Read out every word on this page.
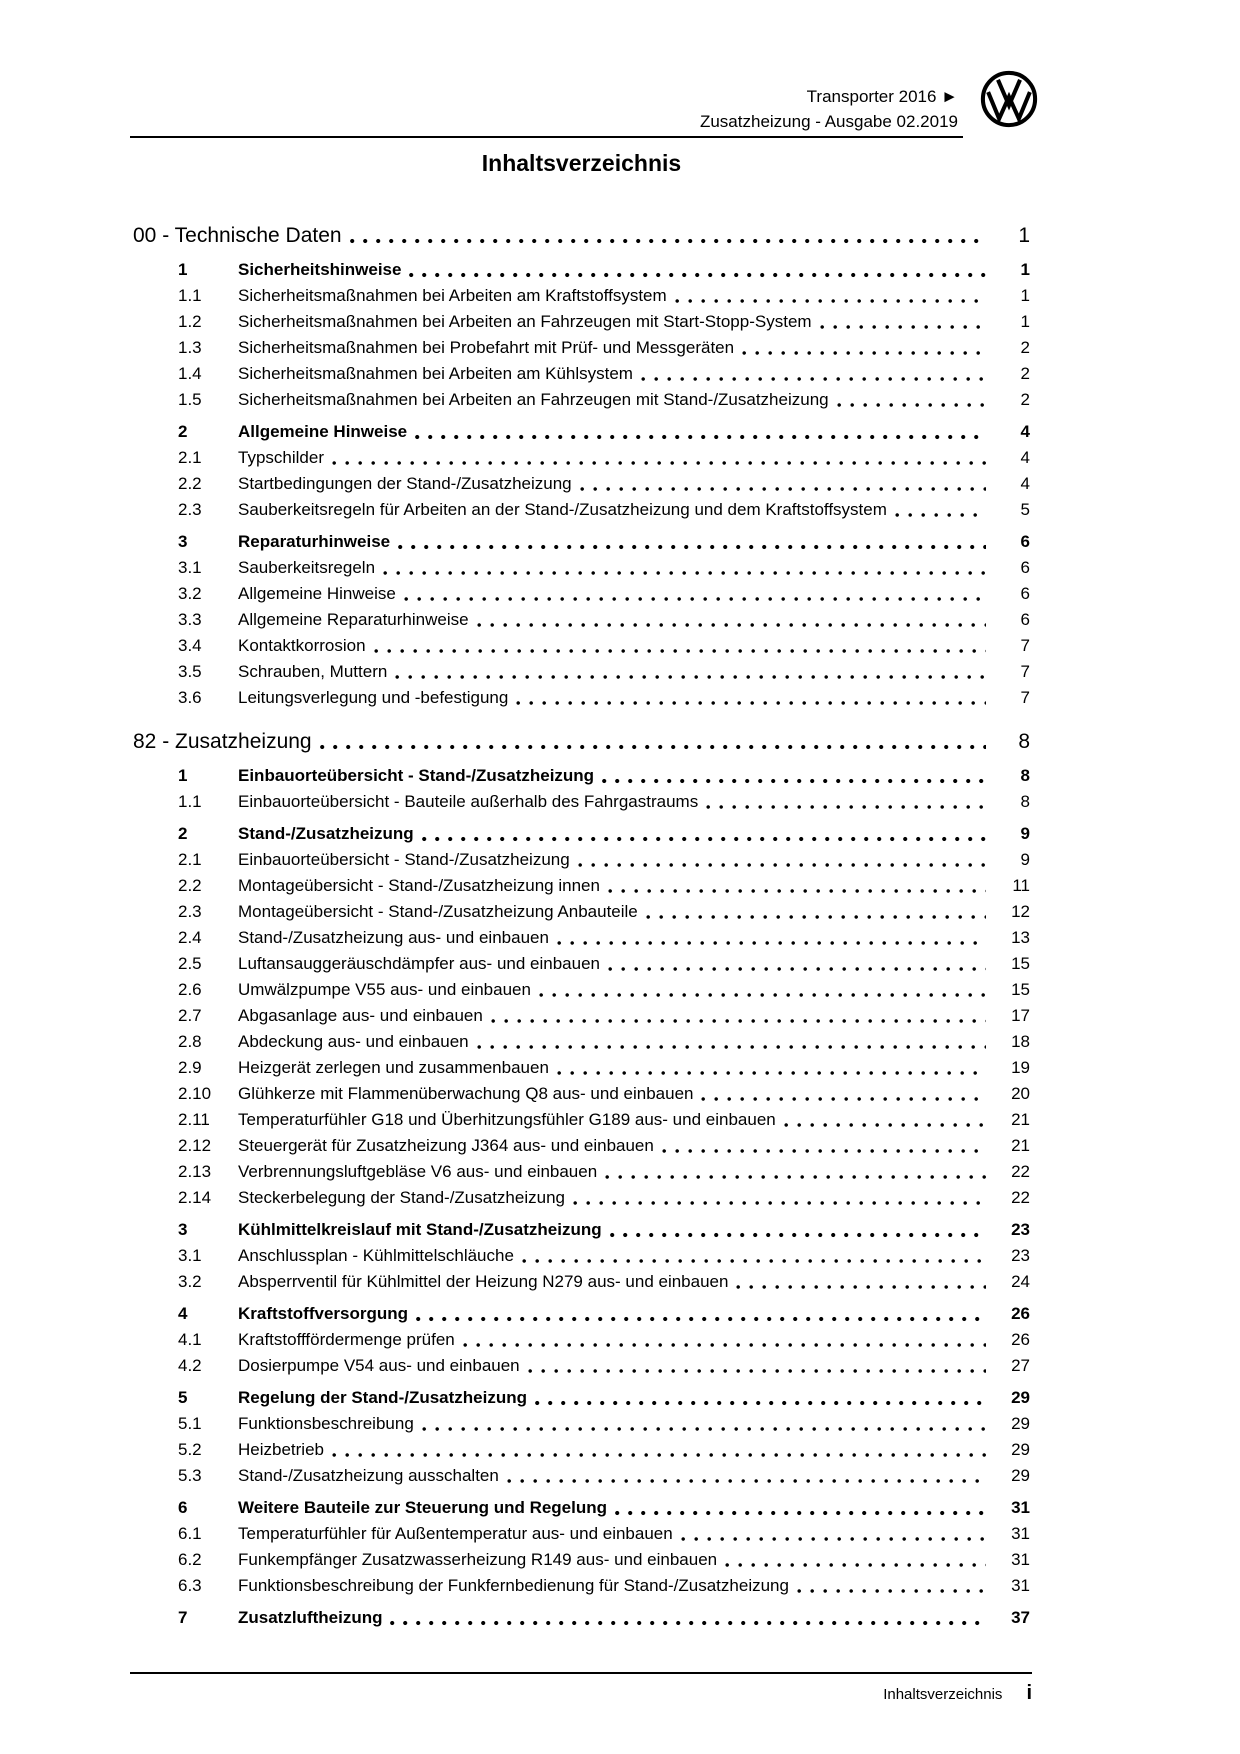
Transporter 2016 ►
Zusatzheizung - Ausgabe 02.2019
Inhaltsverzeichnis
00 - Technische Daten	1
1	Sicherheitshinweise	1
1.1	Sicherheitsmaßnahmen bei Arbeiten am Kraftstoffsystem	1
1.2	Sicherheitsmaßnahmen bei Arbeiten an Fahrzeugen mit Start-Stopp-System	1
1.3	Sicherheitsmaßnahmen bei Probefahrt mit Prüf- und Messgeräten	2
1.4	Sicherheitsmaßnahmen bei Arbeiten am Kühlsystem	2
1.5	Sicherheitsmaßnahmen bei Arbeiten an Fahrzeugen mit Stand-/Zusatzheizung	2
2	Allgemeine Hinweise	4
2.1	Typschilder	4
2.2	Startbedingungen der Stand-/Zusatzheizung	4
2.3	Sauberkeitsregeln für Arbeiten an der Stand-/Zusatzheizung und dem Kraftstoffsystem	5
3	Reparaturhinweise	6
3.1	Sauberkeitsregeln	6
3.2	Allgemeine Hinweise	6
3.3	Allgemeine Reparaturhinweise	6
3.4	Kontaktkorrosion	7
3.5	Schrauben, Muttern	7
3.6	Leitungsverlegung und -befestigung	7
82 - Zusatzheizung	8
1	Einbauorteübersicht - Stand-/Zusatzheizung	8
1.1	Einbauorteübersicht - Bauteile außerhalb des Fahrgastraums	8
2	Stand-/Zusatzheizung	9
2.1	Einbauorteübersicht - Stand-/Zusatzheizung	9
2.2	Montageübersicht - Stand-/Zusatzheizung innen	11
2.3	Montageübersicht - Stand-/Zusatzheizung Anbauteile	12
2.4	Stand-/Zusatzheizung aus- und einbauen	13
2.5	Luftansauggeräuschdämpfer aus- und einbauen	15
2.6	Umwälzpumpe V55 aus- und einbauen	15
2.7	Abgasanlage aus- und einbauen	17
2.8	Abdeckung aus- und einbauen	18
2.9	Heizgerät zerlegen und zusammenbauen	19
2.10	Glühkerze mit Flammenüberwachung Q8 aus- und einbauen	20
2.11	Temperaturfühler G18 und Überhitzungsfühler G189 aus- und einbauen	21
2.12	Steuergerät für Zusatzheizung J364 aus- und einbauen	21
2.13	Verbrennungsluftgebläse V6 aus- und einbauen	22
2.14	Steckerbelegung der Stand-/Zusatzheizung	22
3	Kühlmittelkreislauf mit Stand-/Zusatzheizung	23
3.1	Anschlussplan - Kühlmittelschläuche	23
3.2	Absperrventil für Kühlmittel der Heizung N279 aus- und einbauen	24
4	Kraftstoffversorgung	26
4.1	Kraftstofffördermenge prüfen	26
4.2	Dosierpumpe V54 aus- und einbauen	27
5	Regelung der Stand-/Zusatzheizung	29
5.1	Funktionsbeschreibung	29
5.2	Heizbetrieb	29
5.3	Stand-/Zusatzheizung ausschalten	29
6	Weitere Bauteile zur Steuerung und Regelung	31
6.1	Temperaturfühler für Außentemperatur aus- und einbauen	31
6.2	Funkempfänger Zusatzwasserheizung R149 aus- und einbauen	31
6.3	Funktionsbeschreibung der Funkfernbedienung für Stand-/Zusatzheizung	31
7	Zusatzluftheizung	37
Inhaltsverzeichnis i
